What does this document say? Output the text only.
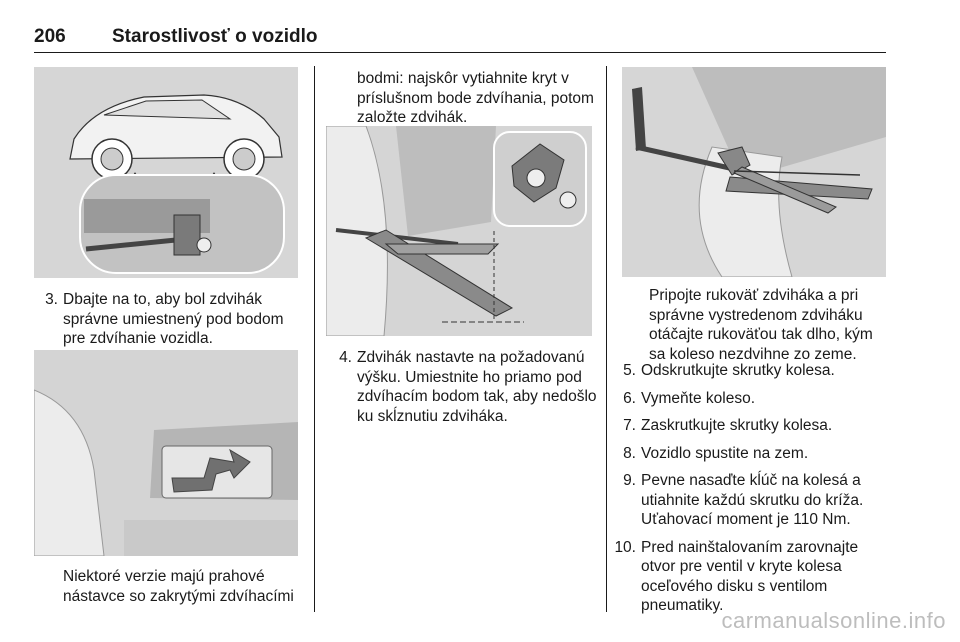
206 Starostlivosť o vozidlo
3. Dbajte na to, aby bol zdvihák správne umiestnený pod bodom pre zdvíhanie vozidla.
Niektoré verzie majú prahové nástavce so zakrytými zdvíhacími
bodmi: najskôr vytiahnite kryt v príslušnom bode zdvíhania, potom založte zdvihák.
4. Zdvihák nastavte na požadovanú výšku. Umiestnite ho priamo pod zdvíhacím bodom tak, aby nedošlo ku skĺznutiu zdviháka.
Pripojte rukoväť zdviháka a pri správne vystredenom zdviháku otáčajte rukoväťou tak dlho, kým sa koleso nezdvihne zo zeme.
5. Odskrutkujte skrutky kolesa.
6. Vymeňte koleso.
7. Zaskrutkujte skrutky kolesa.
8. Vozidlo spustite na zem.
9. Pevne nasaďte kĺúč na kolesá a utiahnite každú skrutku do kríža. Uťahovací moment je 110 Nm.
10. Pred nainštalovaním zarovnajte otvor pre ventil v kryte kolesa oceľového disku s ventilom pneumatiky.
carmanualsonline.info
